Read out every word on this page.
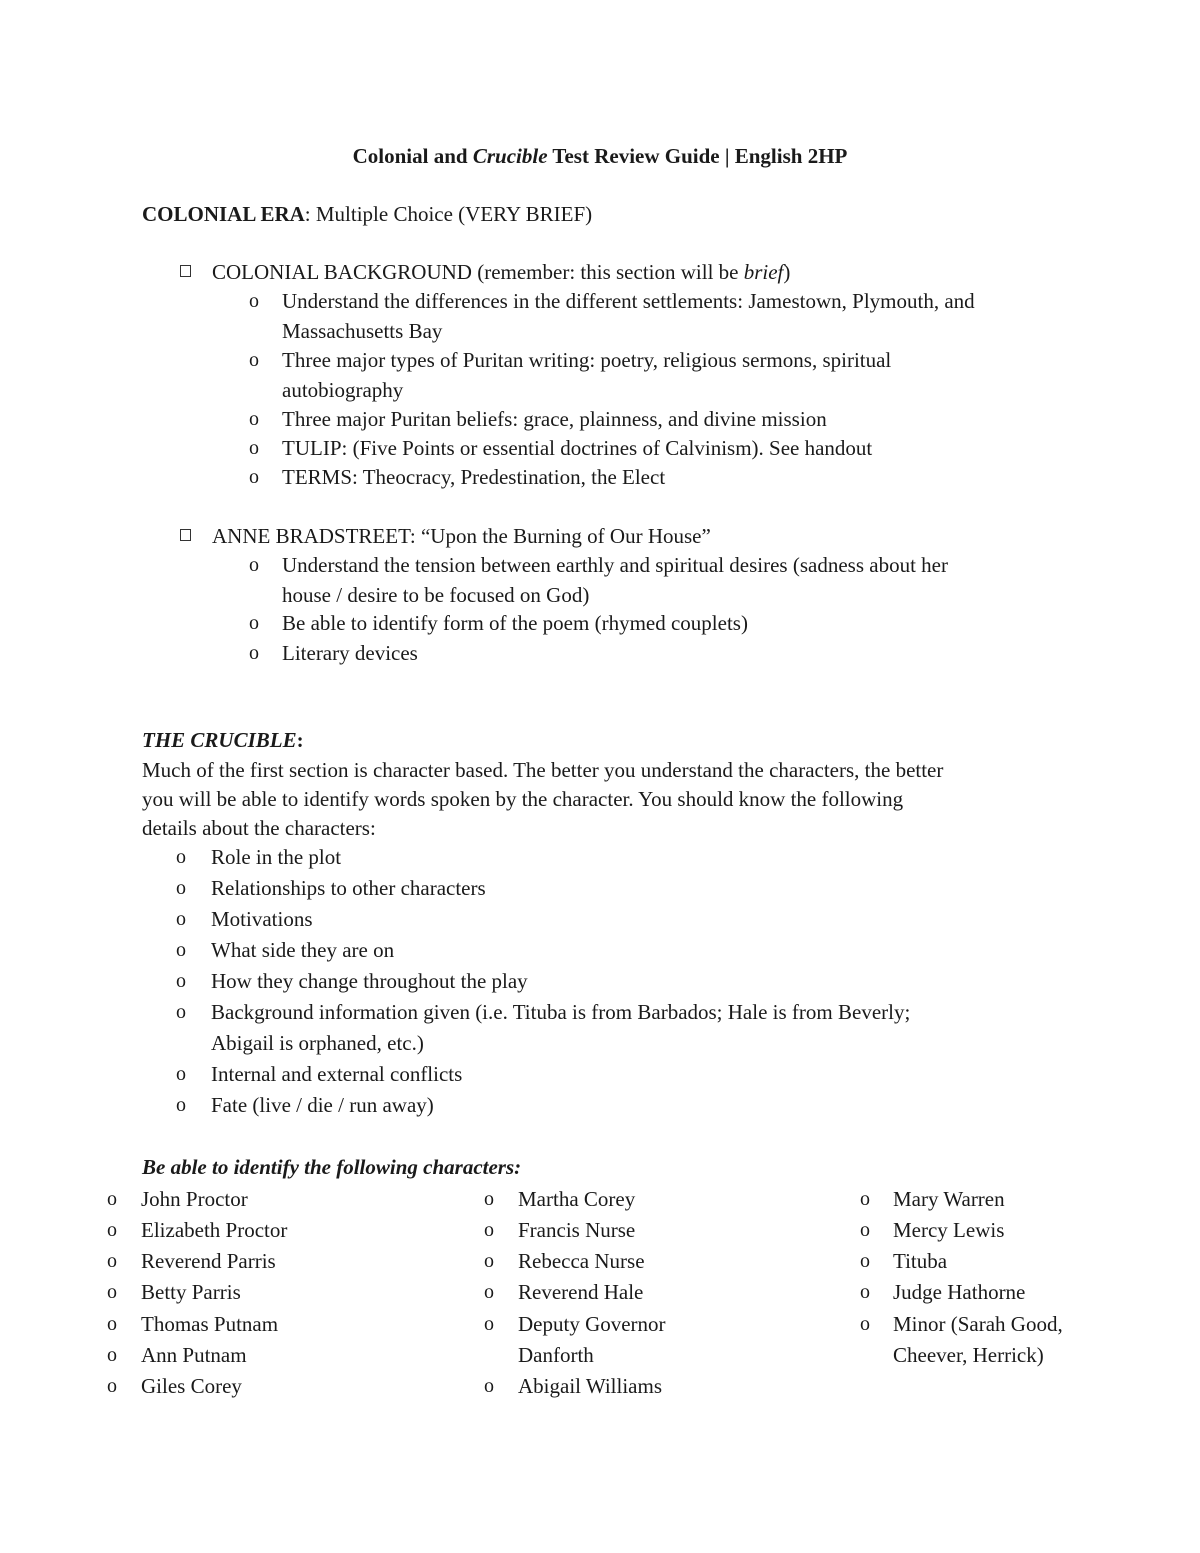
Colonial and Crucible Test Review Guide | English 2HP
COLONIAL ERA: Multiple Choice (VERY BRIEF)
COLONIAL BACKGROUND (remember: this section will be brief)
o Understand the differences in the different settlements: Jamestown, Plymouth, and
Massachusetts Bay
o Three major types of Puritan writing: poetry, religious sermons, spiritual
autobiography
o Three major Puritan beliefs: grace, plainness, and divine mission
o TULIP: (Five Points or essential doctrines of Calvinism). See handout
o TERMS: Theocracy, Predestination, the Elect
ANNE BRADSTREET: “Upon the Burning of Our House”
o Understand the tension between earthly and spiritual desires (sadness about her
house / desire to be focused on God)
o Be able to identify form of the poem (rhymed couplets)
o Literary devices
THE CRUCIBLE:
Much of the first section is character based. The better you understand the characters, the better
you will be able to identify words spoken by the character. You should know the following
details about the characters:
o Role in the plot
o Relationships to other characters
o Motivations
o What side they are on
o How they change throughout the play
o Background information given (i.e. Tituba is from Barbados; Hale is from Beverly;
Abigail is orphaned, etc.)
o Internal and external conflicts
o Fate (live / die / run away)
Be able to identify the following characters:
o John Proctor
o Elizabeth Proctor
o Reverend Parris
o Betty Parris
o Thomas Putnam
o Ann Putnam
o Giles Corey
o Martha Corey
o Francis Nurse
o Rebecca Nurse
o Reverend Hale
o Deputy Governor
Danforth
o Abigail Williams
o Mary Warren
o Mercy Lewis
o Tituba
o Judge Hathorne
o Minor (Sarah Good,
Cheever, Herrick)
